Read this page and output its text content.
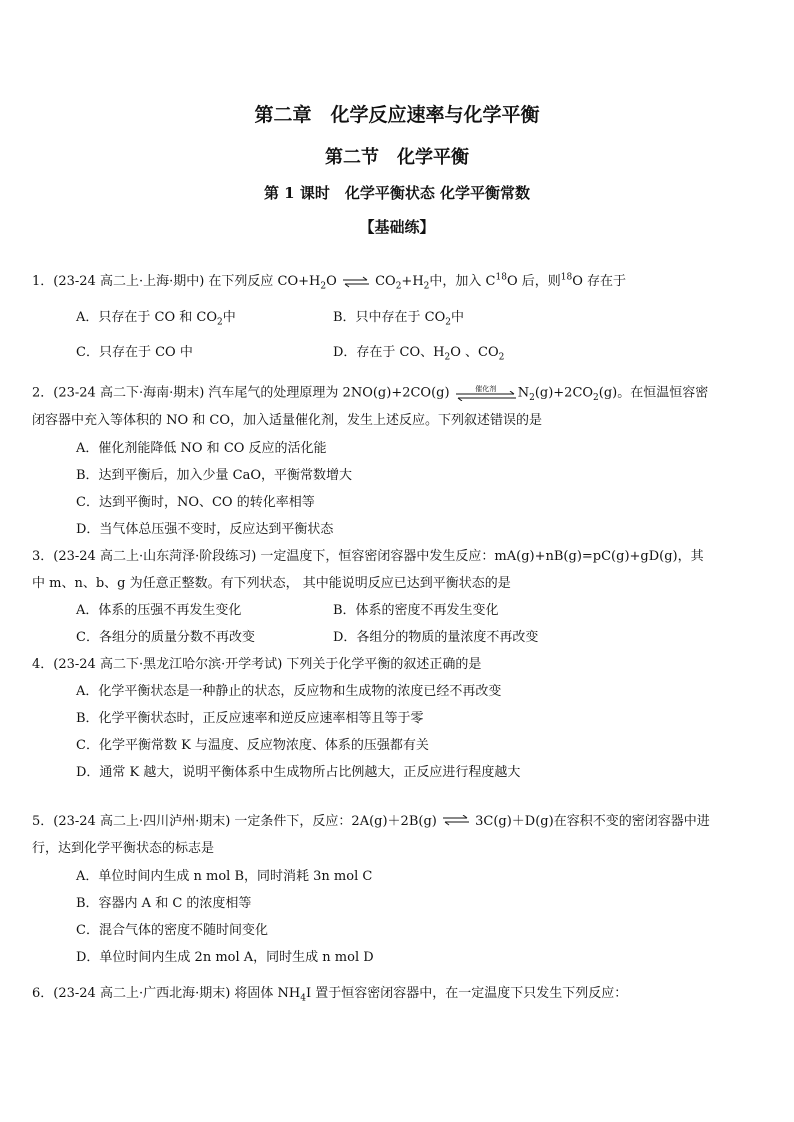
第二章　化学反应速率与化学平衡
第二节　化学平衡
第 1 课时　化学平衡状态 化学平衡常数
【基础练】
1．(23-24 高二上·上海·期中) 在下列反应 $CO+H_2O$ ⇌ $CO_2+H_2$中，加入 $C^{18}O$ 后，则$^{18}$O 存在于
A．只存在于 CO 和 $CO_2$中	B．只中存在于 $CO_2$中
C．只存在于 CO 中	D．存在于 CO、$H_2O$ 、$CO_2$
2．(23-24 高二下·海南·期末) 汽车尾气的处理原理为 2NO(g)+2CO(g)	催化剂	$N_2(g)+2CO_2(g)$。在恒温恒容密
闭容器中充入等体积的 NO 和 CO，加入适量催化剂，发生上述反应。下列叙述错误的是
A．催化剂能降低 NO 和 CO 反应的活化能
B．达到平衡后，加入少量 CaO，平衡常数增大
C．达到平衡时，NO、CO 的转化率相等
D．当气体总压强不变时，反应达到平衡状态
3．(23-24 高二上·山东菏泽·阶段练习) 一定温度下，恒容密闭容器中发生反应：mA(g)+nB(g)=pC(g)+gD(g)，其
中 m、n、b、g 为任意正整数。有下列状态， 其中能说明反应已达到平衡状态的是
A．体系的压强不再发生变化	B．体系的密度不再发生变化
C．各组分的质量分数不再改变	D．各组分的物质的量浓度不再改变
4．(23-24 高二下·黑龙江哈尔滨·开学考试) 下列关于化学平衡的叙述正确的是
A．化学平衡状态是一种静止的状态，反应物和生成物的浓度已经不再改变
B．化学平衡状态时，正反应速率和逆反应速率相等且等于零
C．化学平衡常数 K 与温度、反应物浓度、体系的压强都有关
D．通常 K 越大，说明平衡体系中生成物所占比例越大，正反应进行程度越大
5．(23-24 高二上·四川泸州·期末) 一定条件下，反应：2A(g)＋2B(g) ⇌ 3C(g)＋D(g)在容积不变的密闭容器中进
行，达到化学平衡状态的标志是
A．单位时间内生成 n mol B，同时消耗 3n mol C
B．容器内 A 和 C 的浓度相等
C．混合气体的密度不随时间变化
D．单位时间内生成 2n mol A，同时生成 n mol D
6．(23-24 高二上·广西北海·期末) 将固体 $NH_4I$ 置于恒容密闭容器中，在一定温度下只发生下列反应：
